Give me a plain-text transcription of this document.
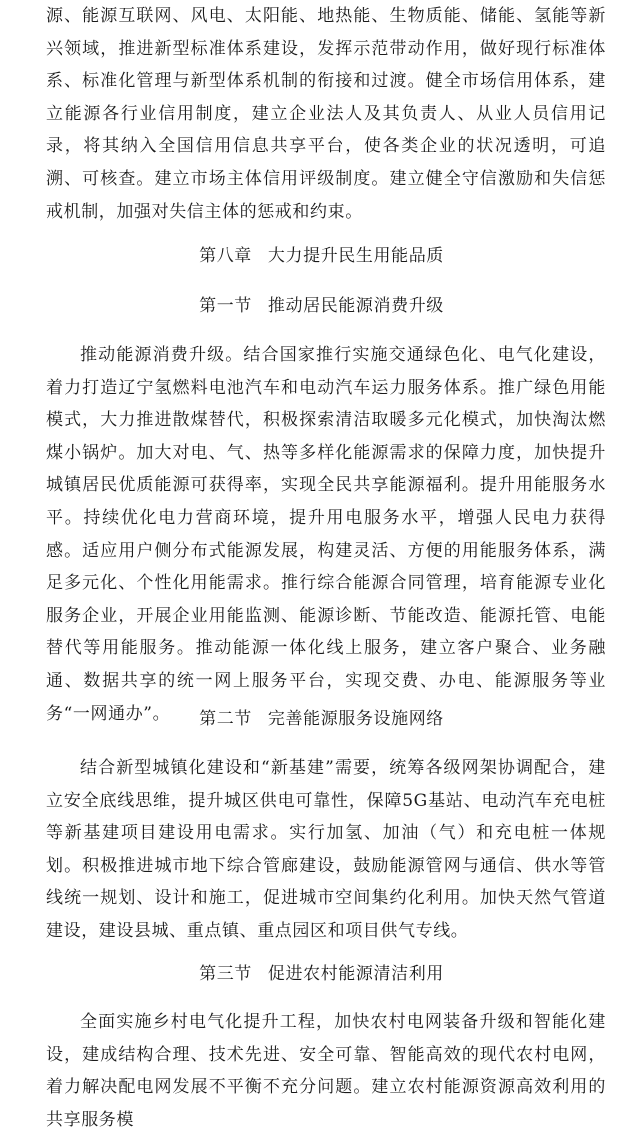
源、能源互联网、风电、太阳能、地热能、生物质能、储能、氢能等新兴领域，推进新型标准体系建设，发挥示范带动作用，做好现行标准体系、标准化管理与新型体系机制的衔接和过渡。健全市场信用体系，建立能源各行业信用制度，建立企业法人及其负责人、从业人员信用记录，将其纳入全国信用信息共享平台，使各类企业的状况透明，可追溯、可核查。建立市场主体信用评级制度。建立健全守信激励和失信惩戒机制，加强对失信主体的惩戒和约束。

第八章 大力提升民生用能品质
第一节 推动居民能源消费升级

推动能源消费升级。结合国家推行实施交通绿色化、电气化建设，着力打造辽宁氢燃料电池汽车和电动汽车运力服务体系。推广绿色用能模式，大力推进散煤替代，积极探索清洁取暖多元化模式，加快淘汰燃煤小锅炉。加大对电、气、热等多样化能源需求的保障力度，加快提升城镇居民优质能源可获得率，实现全民共享能源福利。提升用能服务水平。持续优化电力营商环境，提升用电服务水平，增强人民电力获得感。适应用户侧分布式能源发展，构建灵活、方便的用能服务体系，满足多元化、个性化用能需求。推行综合能源合同管理，培育能源专业化服务企业，开展企业用能监测、能源诊断、节能改造、能源托管、电能替代等用能服务。推动能源一体化线上服务，建立客户聚合、业务融通、数据共享的统一网上服务平台，实现交费、办电、能源服务等业务“一网通办”。	第二节 完善能源服务设施网络

结合新型城镇化建设和“新基建”需要，统筹各级网架协调配合，建立安全底线思维，提升城区供电可靠性，保障5G基站、电动汽车充电桩等新基建项目建设用电需求。实行加氢、加油（气）和充电桩一体规划。积极推进城市地下综合管廊建设，鼓励能源管网与通信、供水等管线统一规划、设计和施工，促进城市空间集约化利用。加快天然气管道建设，建设县城、重点镇、重点园区和项目供气专线。

第三节 促进农村能源清洁利用

全面实施乡村电气化提升工程，加快农村电网装备升级和智能化建设，建成结构合理、技术先进、安全可靠、智能高效的现代农村电网，着力解决配电网发展不平衡不充分问题。建立农村能源资源高效利用的共享服务模
